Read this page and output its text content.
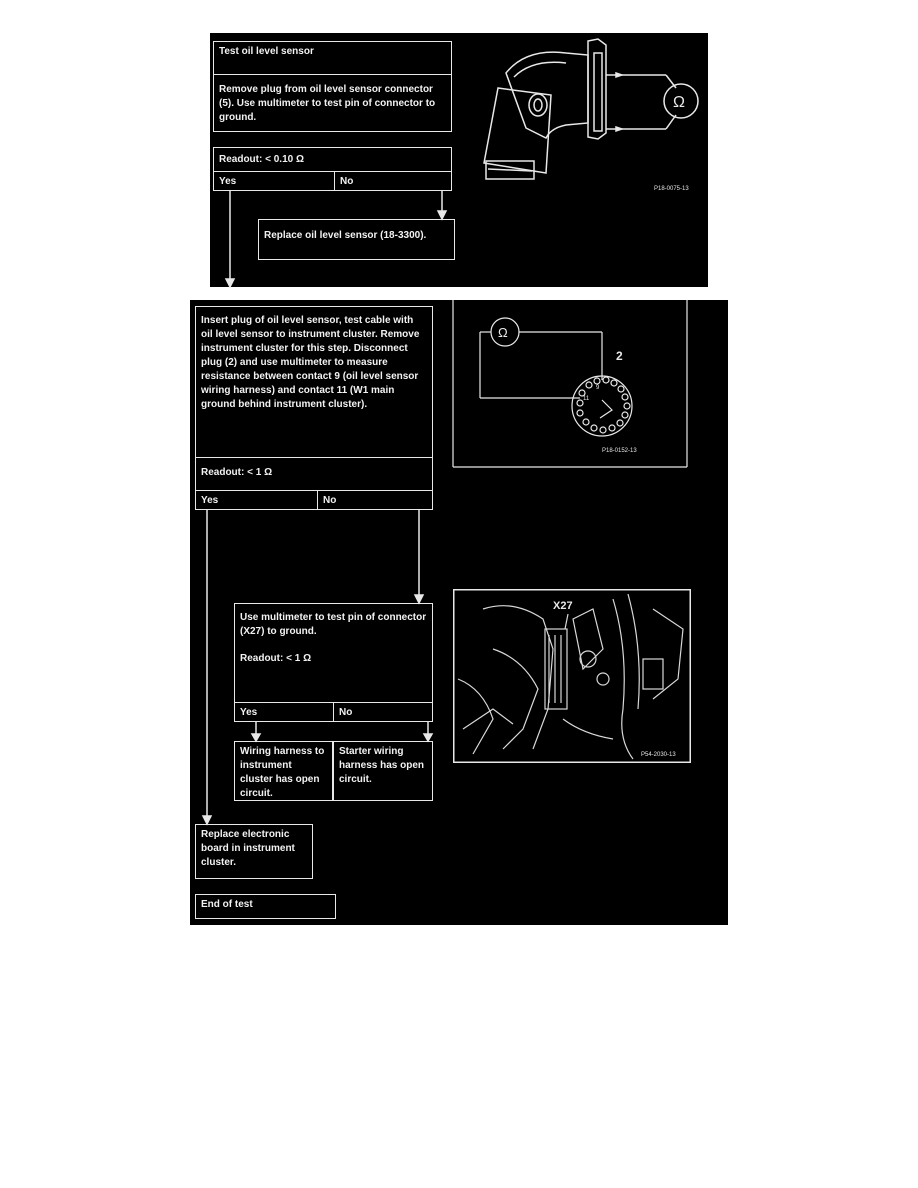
Test oil level sensor
Remove plug from oil level sensor connector (5). Use multimeter to test pin of connector to ground.
Readout: < 0.10 Ω
Yes	No
Replace oil level sensor (18-3300).
Ω
P18-0075-13
Insert plug of oil level sensor, test cable with oil level sensor to instrument cluster. Remove instrument cluster for this step. Disconnect plug (2) and use multimeter to measure resistance between contact 9 (oil level sensor wiring harness) and contact 11 (W1 main ground behind instrument cluster).
Readout: < 1 Ω
Yes	No
2
Ω
9
11
P18-0152-13
Use multimeter to test pin of connector (X27) to ground.
Readout: < 1 Ω
Yes	No
Wiring harness to instrument cluster has open circuit.
Starter wiring harness has open circuit.
X27
P54-2030-13
Replace electronic board in instrument cluster.
End of test
